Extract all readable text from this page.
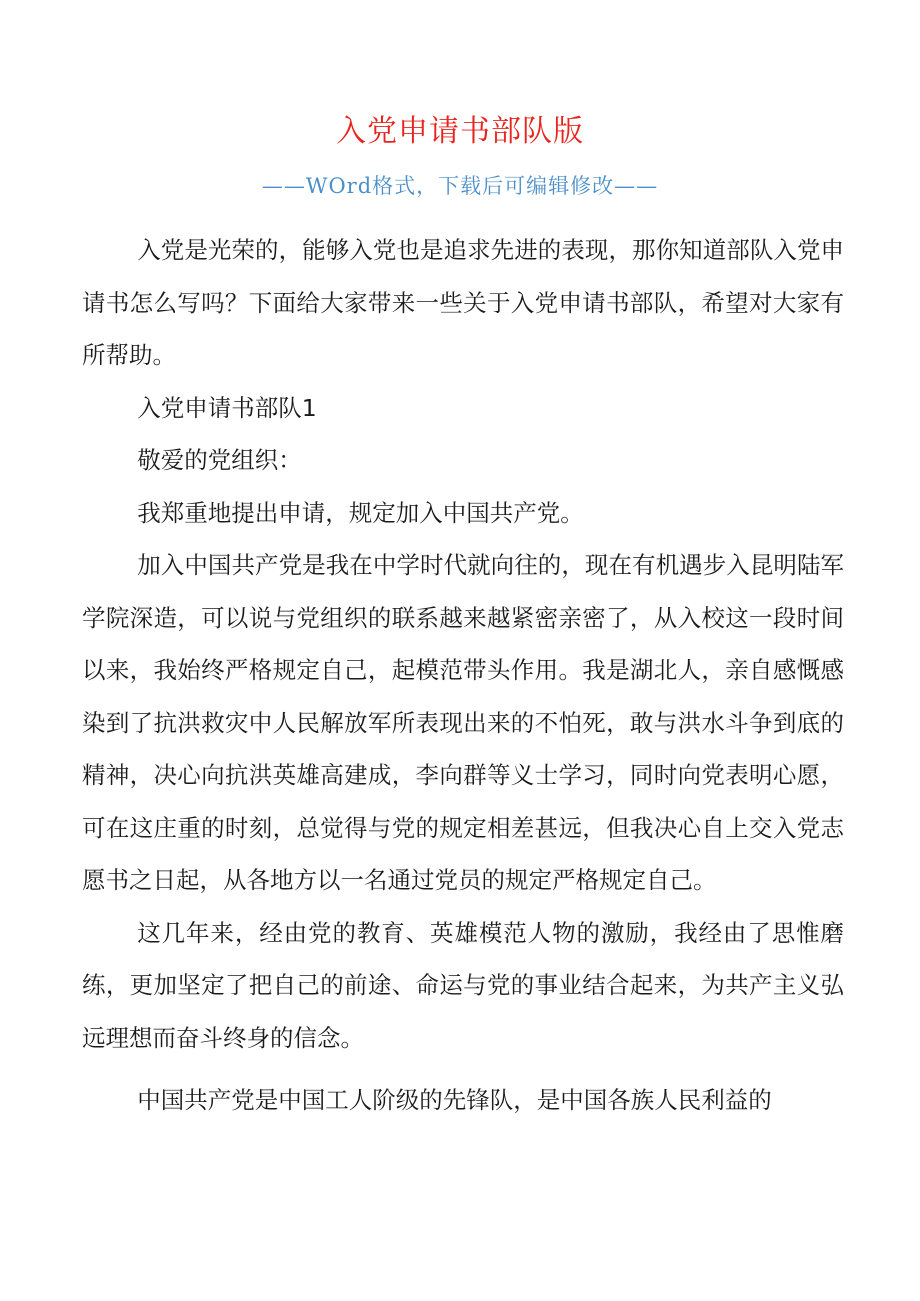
入党申请书部队版
——WOrd格式，下载后可编辑修改——

入党是光荣的，能够入党也是追求先进的表现，那你知道部队入党申请书怎么写吗？下面给大家带来一些关于入党申请书部队，希望对大家有所帮助。

入党申请书部队1

敬爱的党组织：

我郑重地提出申请，规定加入中国共产党。

加入中国共产党是我在中学时代就向往的，现在有机遇步入昆明陆军学院深造，可以说与党组织的联系越来越紧密亲密了，从入校这一段时间以来，我始终严格规定自己，起模范带头作用。我是湖北人，亲自感慨感染到了抗洪救灾中人民解放军所表现出来的不怕死，敢与洪水斗争到底的精神，决心向抗洪英雄高建成，李向群等义士学习，同时向党表明心愿，可在这庄重的时刻，总觉得与党的规定相差甚远，但我决心自上交入党志愿书之日起，从各地方以一名通过党员的规定严格规定自己。

这几年来，经由党的教育、英雄模范人物的激励，我经由了思惟磨练，更加坚定了把自己的前途、命运与党的事业结合起来，为共产主义弘远理想而奋斗终身的信念。

中国共产党是中国工人阶级的先锋队，是中国各族人民利益的
